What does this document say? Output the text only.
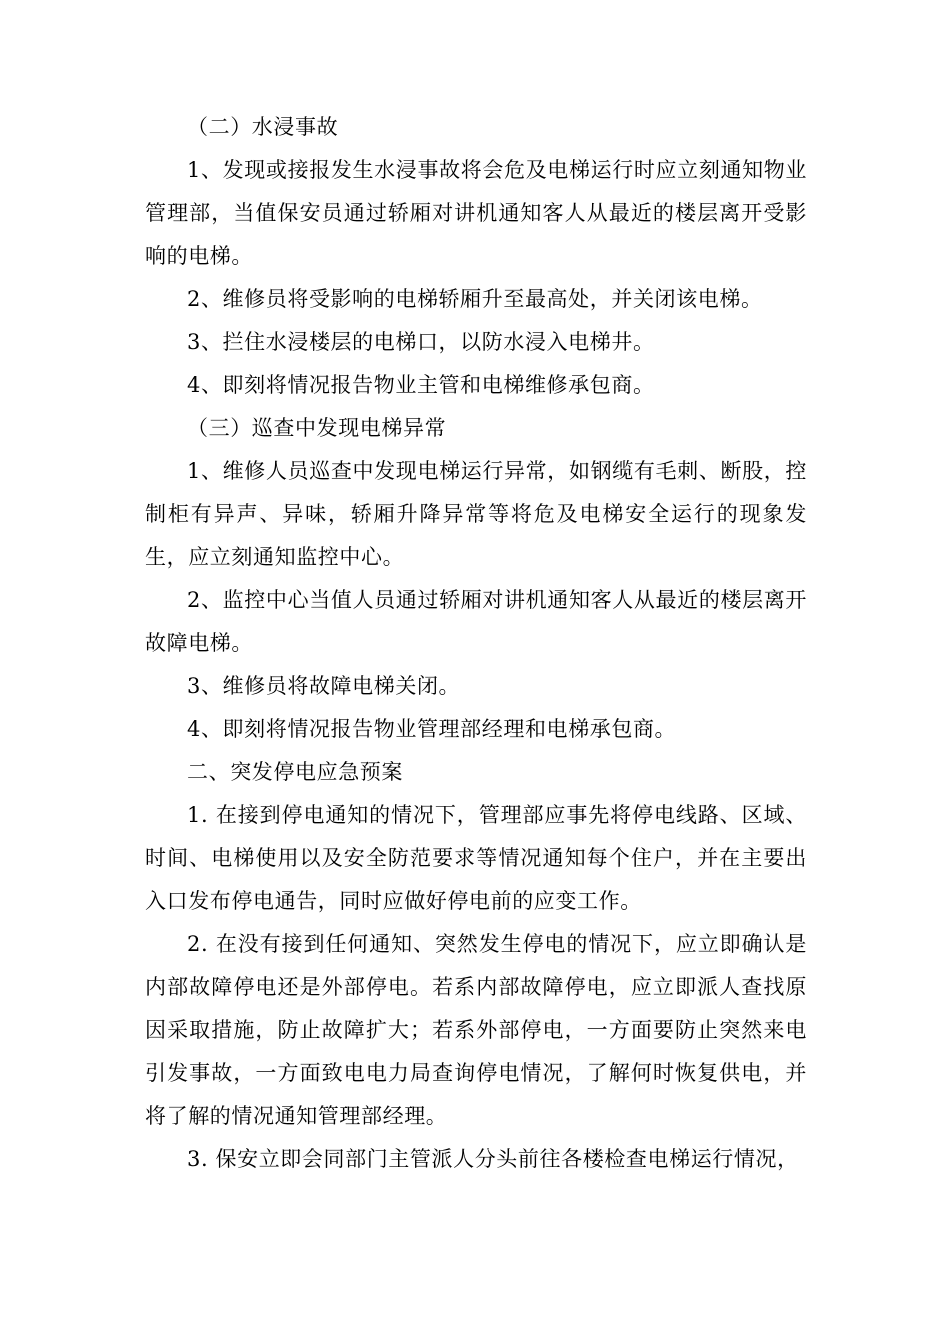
（二）水浸事故

1、发现或接报发生水浸事故将会危及电梯运行时应立刻通知物业管理部，当值保安员通过轿厢对讲机通知客人从最近的楼层离开受影响的电梯。

2、维修员将受影响的电梯轿厢升至最高处，并关闭该电梯。

3、拦住水浸楼层的电梯口，以防水浸入电梯井。

4、即刻将情况报告物业主管和电梯维修承包商。

（三）巡查中发现电梯异常

1、维修人员巡查中发现电梯运行异常，如钢缆有毛刺、断股，控制柜有异声、异味，轿厢升降异常等将危及电梯安全运行的现象发生，应立刻通知监控中心。

2、监控中心当值人员通过轿厢对讲机通知客人从最近的楼层离开故障电梯。

3、维修员将故障电梯关闭。

4、即刻将情况报告物业管理部经理和电梯承包商。

二、突发停电应急预案

1. 在接到停电通知的情况下，管理部应事先将停电线路、区域、时间、电梯使用以及安全防范要求等情况通知每个住户，并在主要出入口发布停电通告，同时应做好停电前的应变工作。

2. 在没有接到任何通知、突然发生停电的情况下，应立即确认是内部故障停电还是外部停电。若系内部故障停电，应立即派人查找原因采取措施，防止故障扩大；若系外部停电，一方面要防止突然来电引发事故，一方面致电电力局查询停电情况，了解何时恢复供电，并将了解的情况通知管理部经理。

3. 保安立即会同部门主管派人分头前往各楼检查电梯运行情况，
